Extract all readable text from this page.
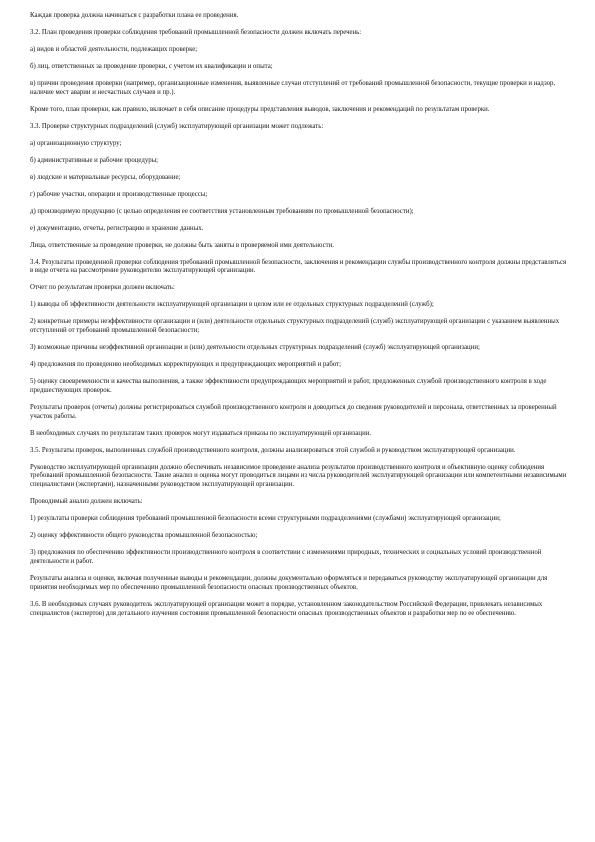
Каждая проверка должна начинаться с разработки плана ее проведения.

3.2. План проведения проверки соблюдения требований промышленной безопасности должен включать перечень:

а) видов и областей деятельности, подлежащих проверке;

б) лиц, ответственных за проведение проверки, с учетом их квалификации и опыта;

в) причин проведения проверки (например, организационные изменения, выявленные случаи отступлений от требований промышленной безопасности, текущие проверки и надзор, наличие мест аварии и несчастных случаев и пр.).

Кроме того, план проверки, как правило, включает в себя описание процедуры представления выводов, заключения и рекомендаций по результатам проверки.

3.3. Проверке структурных подразделений (служб) эксплуатирующей организации может подлежать:

а) организационную структуру;

б) административные и рабочие процедуры;

в) людские и материальные ресурсы, оборудование;

г) рабочие участки, операции и производственные процессы;

д) производимую продукцию (с целью определения ее соответствия установленным требованиям по промышленной безопасности);

е) документацию, отчеты, регистрацию и хранение данных.

Лица, ответственные за проведение проверки, не должны быть заняты в проверяемой ими деятельности.

3.4. Результаты проведенной проверки соблюдения требований промышленной безопасности, заключения и рекомендации службы производственного контроля должны представляться в виде отчета на рассмотрение руководителю эксплуатирующей организации.

Отчет по результатам проверки должен включать:

1) выводы об эффективности деятельности эксплуатирующей организации в целом или ее отдельных структурных подразделений (служб);

2) конкретные примеры неэффективности организации и (или) деятельности отдельных структурных подразделений (служб) эксплуатирующей организации с указанием выявленных отступлений от требований промышленной безопасности;

3) возможные причины неэффективной организации и (или) деятельности отдельных структурных подразделений (служб) эксплуатирующей организации;

4) предложения по проведению необходимых корректирующих и предупреждающих мероприятий и работ;

5) оценку своевременности и качества выполнения, а также эффективности предупреждающих мероприятий и работ, предложенных службой производственного контроля в ходе предшествующих проверок.

Результаты проверок (отчеты) должны регистрироваться службой производственного контроля и доводиться до сведения руководителей и персонала, ответственных за проверенный участок работы.

В необходимых случаях по результатам таких проверок могут издаваться приказы по эксплуатирующей организации.

3.5. Результаты проверок, выполненных службой производственного контроля, должны анализироваться этой службой и руководством эксплуатирующей организации.

Руководство эксплуатирующей организации должно обеспечивать независимое проведение анализа результатов производственного контроля и объективную оценку соблюдения требований промышленной безопасности. Такие анализ и оценка могут проводиться лицами из числа руководителей эксплуатирующей организации или компетентными независимыми специалистами (экспертами), назначенными руководством эксплуатирующей организации.

Проводимый анализ должен включать:

1) результаты проверки соблюдения требований промышленной безопасности всеми структурными подразделениями (службами) эксплуатирующей организации;

2) оценку эффективности общего руководства промышленной безопасностью;

3) предложения по обеспечению эффективности производственного контроля в соответствии с изменениями природных, технических и социальных условий производственной деятельности и работ.

Результаты анализа и оценки, включая полученные выводы и рекомендации, должны документально оформляться и передаваться руководству эксплуатирующей организации для принятия необходимых мер по обеспечению промышленной безопасности опасных производственных объектов.

3.6. В необходимых случаях руководитель эксплуатирующей организации может в порядке, установленном законодательством Российской Федерации, привлекать независимых специалистов (экспертов) для детального изучения состояния промышленной безопасности опасных производственных объектов и разработки мер по ее обеспечению.
